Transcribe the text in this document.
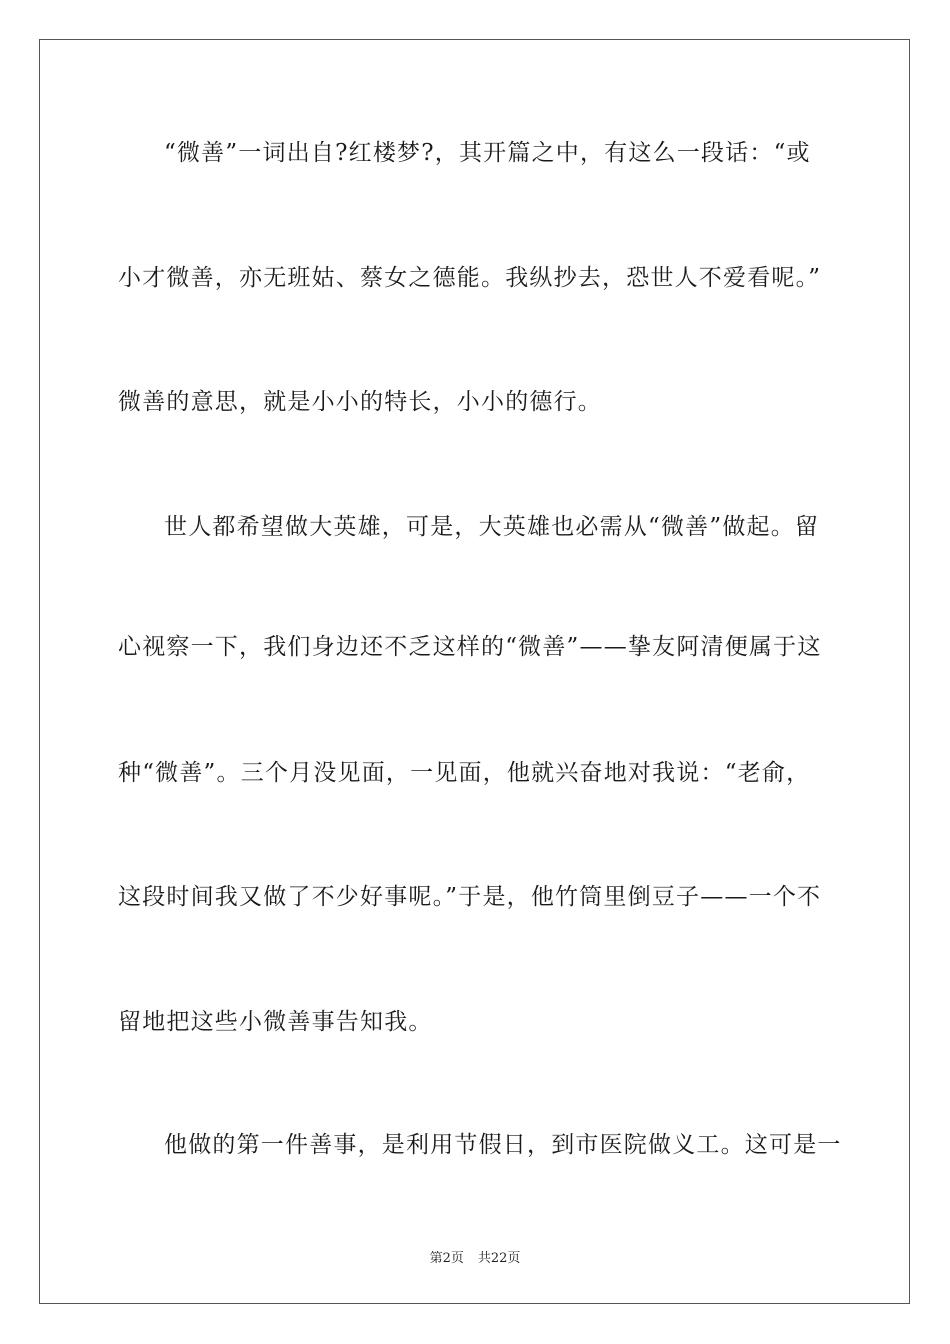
“微善”一词出自?红楼梦?，其开篇之中，有这么一段话：“或
小才微善，亦无班姑、蔡女之德能。我纵抄去，恐世人不爱看呢。”
微善的意思，就是小小的特长，小小的德行。
世人都希望做大英雄，可是，大英雄也必需从“微善”做起。留
心视察一下，我们身边还不乏这样的“微善”——挚友阿清便属于这
种“微善”。三个月没见面，一见面，他就兴奋地对我说：“老俞，
这段时间我又做了不少好事呢。”于是，他竹筒里倒豆子——一个不
留地把这些小微善事告知我。
他做的第一件善事，是利用节假日，到市医院做义工。这可是一
第2页 共22页
